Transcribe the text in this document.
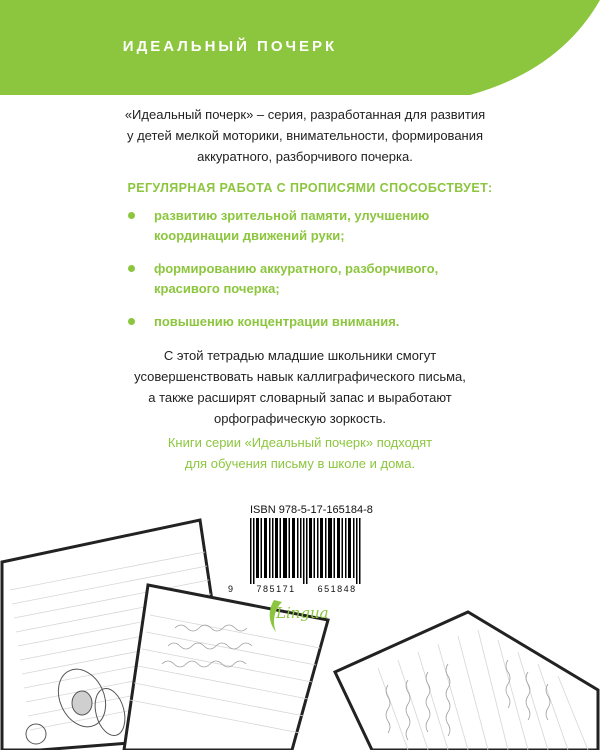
ИДЕАЛЬНЫЙ ПОЧЕРК
«Идеальный почерк» – серия, разработанная для развития
у детей мелкой моторики, внимательности, формирования
аккуратного, разборчивого почерка.
РЕГУЛЯРНАЯ РАБОТА С ПРОПИСЯМИ СПОСОБСТВУЕТ:
развитию зрительной памяти, улучшению
координации движений руки;
формированию аккуратного, разборчивого,
красивого почерка;
повышению концентрации внимания.
С этой тетрадью младшие школьники смогут
усовершенствовать навык каллиграфического письма,
а также расширят словарный запас и выработают
орфографическую зоркость.
Книги серии «Идеальный почерк» подходят
для обучения письму в школе и дома.
ISBN 978-5-17-165184-8
9 785171 651848
Lingua
